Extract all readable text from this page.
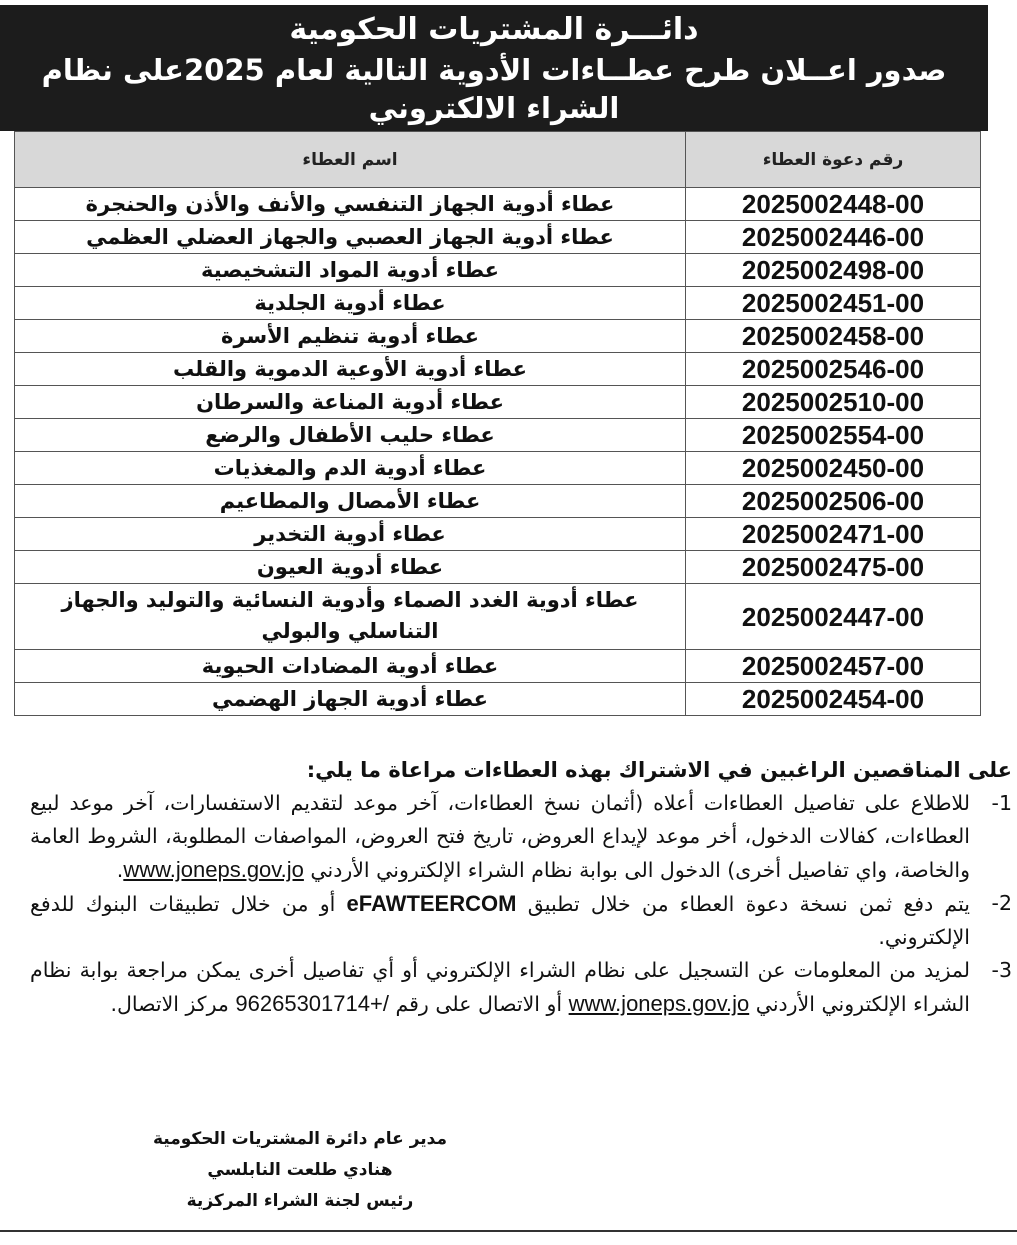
دائـــرة المشتريات الحكومية
صدور اعــلان طرح عطــاءات الأدوية التالية لعام 2025على نظام الشراء الالكتروني
رقم دعوة العطاء	اسم العطاء
2025002448-00	عطاء أدوية الجهاز التنفسي والأنف والأذن والحنجرة
2025002446-00	عطاء أدوية الجهاز العصبي والجهاز العضلي العظمي
2025002498-00	عطاء أدوية المواد التشخيصية
2025002451-00	عطاء أدوية الجلدية
2025002458-00	عطاء أدوية تنظيم الأسرة
2025002546-00	عطاء أدوية الأوعية الدموية والقلب
2025002510-00	عطاء أدوية المناعة والسرطان
2025002554-00	عطاء حليب الأطفال والرضع
2025002450-00	عطاء أدوية الدم والمغذيات
2025002506-00	عطاء الأمصال والمطاعيم
2025002471-00	عطاء أدوية التخدير
2025002475-00	عطاء أدوية العيون
2025002447-00	عطاء أدوية الغدد الصماء وأدوية النسائية والتوليد والجهاز التناسلي والبولي
2025002457-00	عطاء أدوية المضادات الحيوية
2025002454-00	عطاء أدوية الجهاز الهضمي
على المناقصين الراغبين في الاشتراك بهذه العطاءات مراعاة ما يلي:
1-
للاطلاع على تفاصيل العطاءات أعلاه (أثمان نسخ العطاءات، آخر موعد لتقديم الاستفسارات، آخر موعد لبيع العطاءات، كفالات الدخول، أخر موعد لإيداع العروض، تاريخ فتح العروض، المواصفات المطلوبة، الشروط العامة والخاصة، واي تفاصيل أخرى) الدخول الى بوابة نظام الشراء الإلكتروني الأردني www.joneps.gov.jo.
2-
يتم دفع ثمن نسخة دعوة العطاء من خلال تطبيق eFAWTEERCOM أو من خلال تطبيقات البنوك للدفع الإلكتروني.
3-
لمزيد من المعلومات عن التسجيل على نظام الشراء الإلكتروني أو أي تفاصيل أخرى يمكن مراجعة بوابة نظام الشراء الإلكتروني الأردني www.joneps.gov.jo أو الاتصال على رقم 96265301714+/ مركز الاتصال.
مدير عام دائرة المشتريات الحكومية
هنادي طلعت النابلسي
رئيس لجنة الشراء المركزية
